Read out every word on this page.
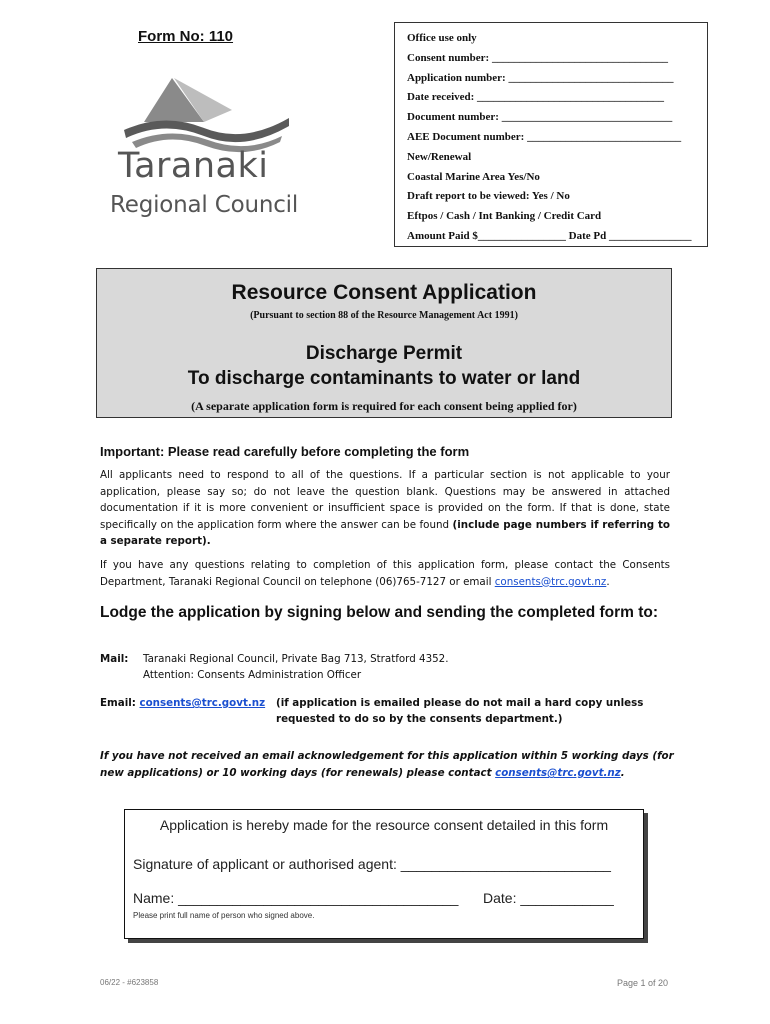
Form No: 110
Taranaki
Regional Council
Office use only
Consent number: ________________________________
Application number: ______________________________
Date received: __________________________________
Document number: _______________________________
AEE Document number: ____________________________
New/Renewal
Coastal Marine Area Yes/No
Draft report to be viewed: Yes / No
Eftpos / Cash / Int Banking / Credit Card
Amount Paid $________________ Date Pd _______________
Resource Consent Application
(Pursuant to section 88 of the Resource Management Act 1991)
Discharge Permit
To discharge contaminants to water or land
(A separate application form is required for each consent being applied for)
Important: Please read carefully before completing the form
All applicants need to respond to all of the questions. If a particular section is not applicable to your application, please say so; do not leave the question blank. Questions may be answered in attached documentation if it is more convenient or insufficient space is provided on the form. If that is done, state specifically on the application form where the answer can be found (include page numbers if referring to a separate report).
If you have any questions relating to completion of this application form, please contact the Consents Department, Taranaki Regional Council on telephone (06)765-7127 or email consents@trc.govt.nz.
Lodge the application by signing below and sending the completed form to:
Mail: Taranaki Regional Council, Private Bag 713, Stratford 4352.
Attention: Consents Administration Officer
Email: consents@trc.govt.nz (if application is emailed please do not mail a hard copy unless
requested to do so by the consents department.)
If you have not received an email acknowledgement for this application within 5 working days (for new applications) or 10 working days (for renewals) please contact consents@trc.govt.nz.
Application is hereby made for the resource consent detailed in this form
Signature of applicant or authorised agent: ___________________________
Name: ____________________________________ Date: ____________
Please print full name of person who signed above.
06/22 - #623858	Page 1 of 20
